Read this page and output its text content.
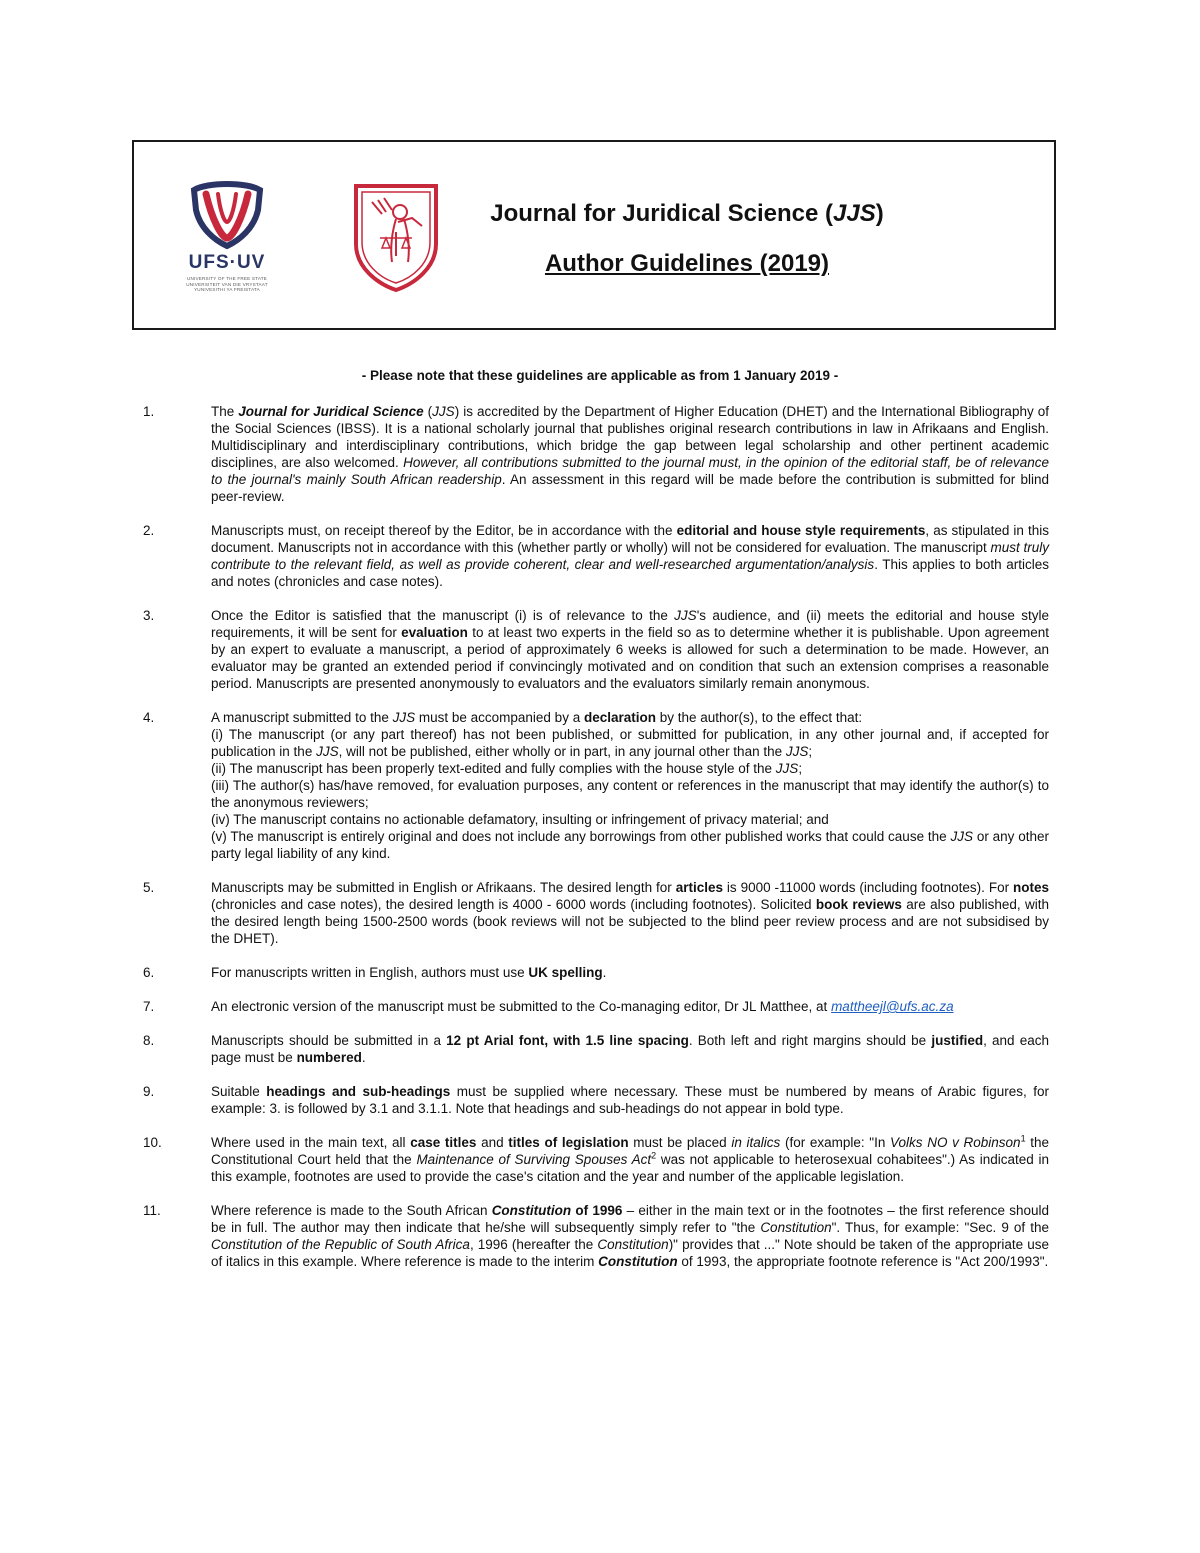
UFS·UV
UNIVERSITY OF THE FREE STATE
UNIVERSITEIT VAN DIE VRYSTAAT
YUNIVESITHI YA FREISTATA
Journal for Juridical Science (JJS)
Author Guidelines (2019)
- Please note that these guidelines are applicable as from 1 January 2019 -
1.	The Journal for Juridical Science (JJS) is accredited by the Department of Higher Education (DHET) and the International Bibliography of the Social Sciences (IBSS). It is a national scholarly journal that publishes original research contributions in law in Afrikaans and English. Multidisciplinary and interdisciplinary contributions, which bridge the gap between legal scholarship and other pertinent academic disciplines, are also welcomed. However, all contributions submitted to the journal must, in the opinion of the editorial staff, be of relevance to the journal's mainly South African readership. An assessment in this regard will be made before the contribution is submitted for blind peer-review.
2.	Manuscripts must, on receipt thereof by the Editor, be in accordance with the editorial and house style requirements, as stipulated in this document. Manuscripts not in accordance with this (whether partly or wholly) will not be considered for evaluation. The manuscript must truly contribute to the relevant field, as well as provide coherent, clear and well-researched argumentation/analysis. This applies to both articles and notes (chronicles and case notes).
3.	Once the Editor is satisfied that the manuscript (i) is of relevance to the JJS's audience, and (ii) meets the editorial and house style requirements, it will be sent for evaluation to at least two experts in the field so as to determine whether it is publishable. Upon agreement by an expert to evaluate a manuscript, a period of approximately 6 weeks is allowed for such a determination to be made. However, an evaluator may be granted an extended period if convincingly motivated and on condition that such an extension comprises a reasonable period. Manuscripts are presented anonymously to evaluators and the evaluators similarly remain anonymous.
4.	A manuscript submitted to the JJS must be accompanied by a declaration by the author(s), to the effect that:
(i) The manuscript (or any part thereof) has not been published, or submitted for publication, in any other journal and, if accepted for publication in the JJS, will not be published, either wholly or in part, in any journal other than the JJS;
(ii) The manuscript has been properly text-edited and fully complies with the house style of the JJS;
(iii) The author(s) has/have removed, for evaluation purposes, any content or references in the manuscript that may identify the author(s) to the anonymous reviewers;
(iv) The manuscript contains no actionable defamatory, insulting or infringement of privacy material; and
(v) The manuscript is entirely original and does not include any borrowings from other published works that could cause the JJS or any other party legal liability of any kind.
5.	Manuscripts may be submitted in English or Afrikaans. The desired length for articles is 9000 -11000 words (including footnotes). For notes (chronicles and case notes), the desired length is 4000 - 6000 words (including footnotes). Solicited book reviews are also published, with the desired length being 1500-2500 words (book reviews will not be subjected to the blind peer review process and are not subsidised by the DHET).
6.	For manuscripts written in English, authors must use UK spelling.
7.	An electronic version of the manuscript must be submitted to the Co-managing editor, Dr JL Matthee, at mattheejl@ufs.ac.za
8.	Manuscripts should be submitted in a 12 pt Arial font, with 1.5 line spacing. Both left and right margins should be justified, and each page must be numbered.
9.	Suitable headings and sub-headings must be supplied where necessary. These must be numbered by means of Arabic figures, for example: 3. is followed by 3.1 and 3.1.1. Note that headings and sub-headings do not appear in bold type.
10.	Where used in the main text, all case titles and titles of legislation must be placed in italics (for example: "In Volks NO v Robinson$^1$ the Constitutional Court held that the Maintenance of Surviving Spouses Act$^2$ was not applicable to heterosexual cohabitees".) As indicated in this example, footnotes are used to provide the case's citation and the year and number of the applicable legislation.
11.	Where reference is made to the South African Constitution of 1996 – either in the main text or in the footnotes – the first reference should be in full. The author may then indicate that he/she will subsequently simply refer to "the Constitution". Thus, for example: "Sec. 9 of the Constitution of the Republic of South Africa, 1996 (hereafter the Constitution)" provides that ..." Note should be taken of the appropriate use of italics in this example. Where reference is made to the interim Constitution of 1993, the appropriate footnote reference is "Act 200/1993".
